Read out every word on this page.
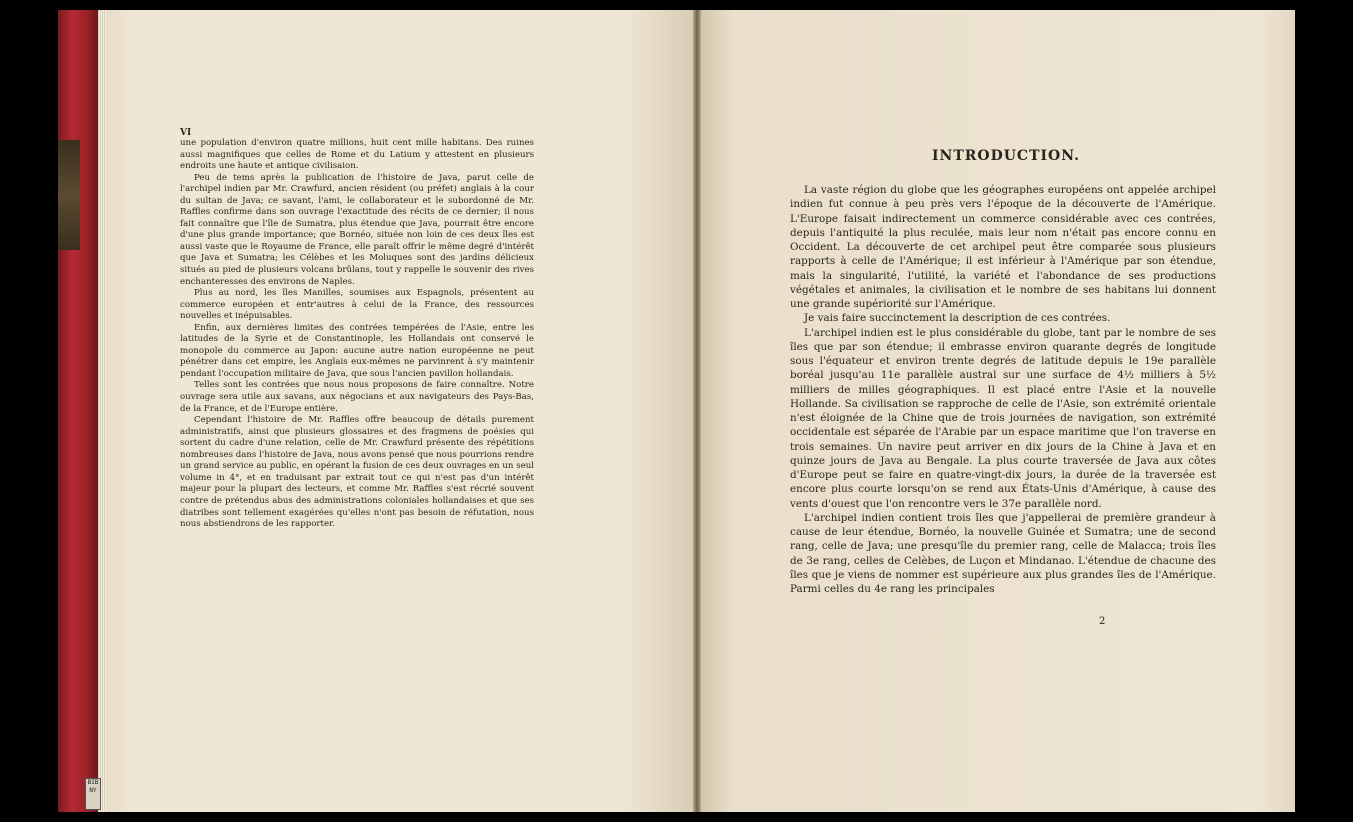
VI

une population d'environ quatre millions, huit cent mille habitans. Des ruines aussi magnifiques que celles de Rome et du Latium y attestent en plusieurs endroits une haute et antique civilisaion.

Peu de tems après la publication de l'histoire de Java, parut celle de l'archipel indien par Mr. Crawfurd, ancien résident (ou préfet) anglais à la cour du sultan de Java; ce savant, l'ami, le collaborateur et le subordonné de Mr. Raffles confirme dans son ouvrage l'exactitude des récits de ce dernier; il nous fait connaître que l'île de Sumatra, plus étendue que Java, pourrait être encore d'une plus grande importance; que Bornéo, située non loin de ces deux îles est aussi vaste que le Royaume de France, elle paraît offrir le même degré d'intérêt que Java et Sumatra; les Célèbes et les Moluques sont des jardins délicieux situés au pied de plusieurs volcans brûlans, tout y rappelle le souvenir des rives enchanteresses des environs de Naples.

Plus au nord, les îles Manilles, soumises aux Espagnols, présentent au commerce européen et entr'autres à celui de la France, des ressources nouvelles et inépuisables.

Enfin, aux dernières limites des contrées tempérées de l'Asie, entre les latitudes de la Syrie et de Constantinople, les Hollandais ont conservé le monopole du commerce au Japon: aucune autre nation européenne ne peut pénétrer dans cet empire, les Anglais eux-mêmes ne parvinrent à s'y maintenir pendant l'occupation militaire de Java, que sous l'ancien pavillon hollandais.

Telles sont les contrées que nous nous proposons de faire connaître. Notre ouvrage sera utile aux savans, aux négocians et aux navigateurs des Pays-Bas, de la France, et de l'Europe entière.

Cependant l'histoire de Mr. Raffles offre beaucoup de détails purement administratifs, ainsi que plusieurs glossaires et des fragmens de poésies qui sortent du cadre d'une relation, celle de Mr. Crawfurd présente des répétitions nombreuses dans l'histoire de Java, nous avons pensé que nous pourrions rendre un grand service au public, en opérant la fusion de ces deux ouvrages en un seul volume in 4°, et en traduisant par extrait tout ce qui n'est pas d'un intérêt majeur pour la plupart des lecteurs, et comme Mr. Raffles s'est récrié souvent contre de prétendus abus des administrations coloniales hollandaises et que ses diatribes sont tellement exagérées qu'elles n'ont pas besoin de réfutation, nous nous abstiendrons de les rapporter.

INTRODUCTION.

La vaste région du globe que les géographes européens ont appelée archipel indien fut connue à peu près vers l'époque de la découverte de l'Amérique. L'Europe faisait indirectement un commerce considérable avec ces contrées, depuis l'antiquité la plus reculée, mais leur nom n'était pas encore connu en Occident. La découverte de cet archipel peut être comparée sous plusieurs rapports à celle de l'Amérique; il est inférieur à l'Amérique par son étendue, mais la singularité, l'utilité, la variété et l'abondance de ses productions végétales et animales, la civilisation et le nombre de ses habitans lui donnent une grande supériorité sur l'Amérique.

Je vais faire succinctement la description de ces contrées.

L'archipel indien est le plus considérable du globe, tant par le nombre de ses îles que par son étendue; il embrasse environ quarante degrés de longitude sous l'équateur et environ trente degrés de latitude depuis le 19e parallèle boréal jusqu'au 11e parallèle austral sur une surface de 4½ milliers à 5½ milliers de milles géographiques. Il est placé entre l'Asie et la nouvelle Hollande. Sa civilisation se rapproche de celle de l'Asie, son extrémité orientale n'est éloignée de la Chine que de trois journées de navigation, son extrémité occidentale est séparée de l'Arabie par un espace maritime que l'on traverse en trois semaines. Un navire peut arriver en dix jours de la Chine à Java et en quinze jours de Java au Bengale. La plus courte traversée de Java aux côtes d'Europe peut se faire en quatre-vingt-dix jours, la durée de la traversée est encore plus courte lorsqu'on se rend aux États-Unis d'Amérique, à cause des vents d'ouest que l'on rencontre vers le 37e parallèle nord.

L'archipel indien contient trois îles que j'appellerai de première grandeur à cause de leur étendue, Bornéo, la nouvelle Guinée et Sumatra; une de second rang, celle de Java; une presqu'île du premier rang, celle de Malacca; trois îles de 3e rang, celles de Celèbes, de Luçon et Mindanao. L'étendue de chacune des îles que je viens de nommer est supérieure aux plus grandes îles de l'Amérique. Parmi celles du 4e rang les principales

2
BIB
NY
